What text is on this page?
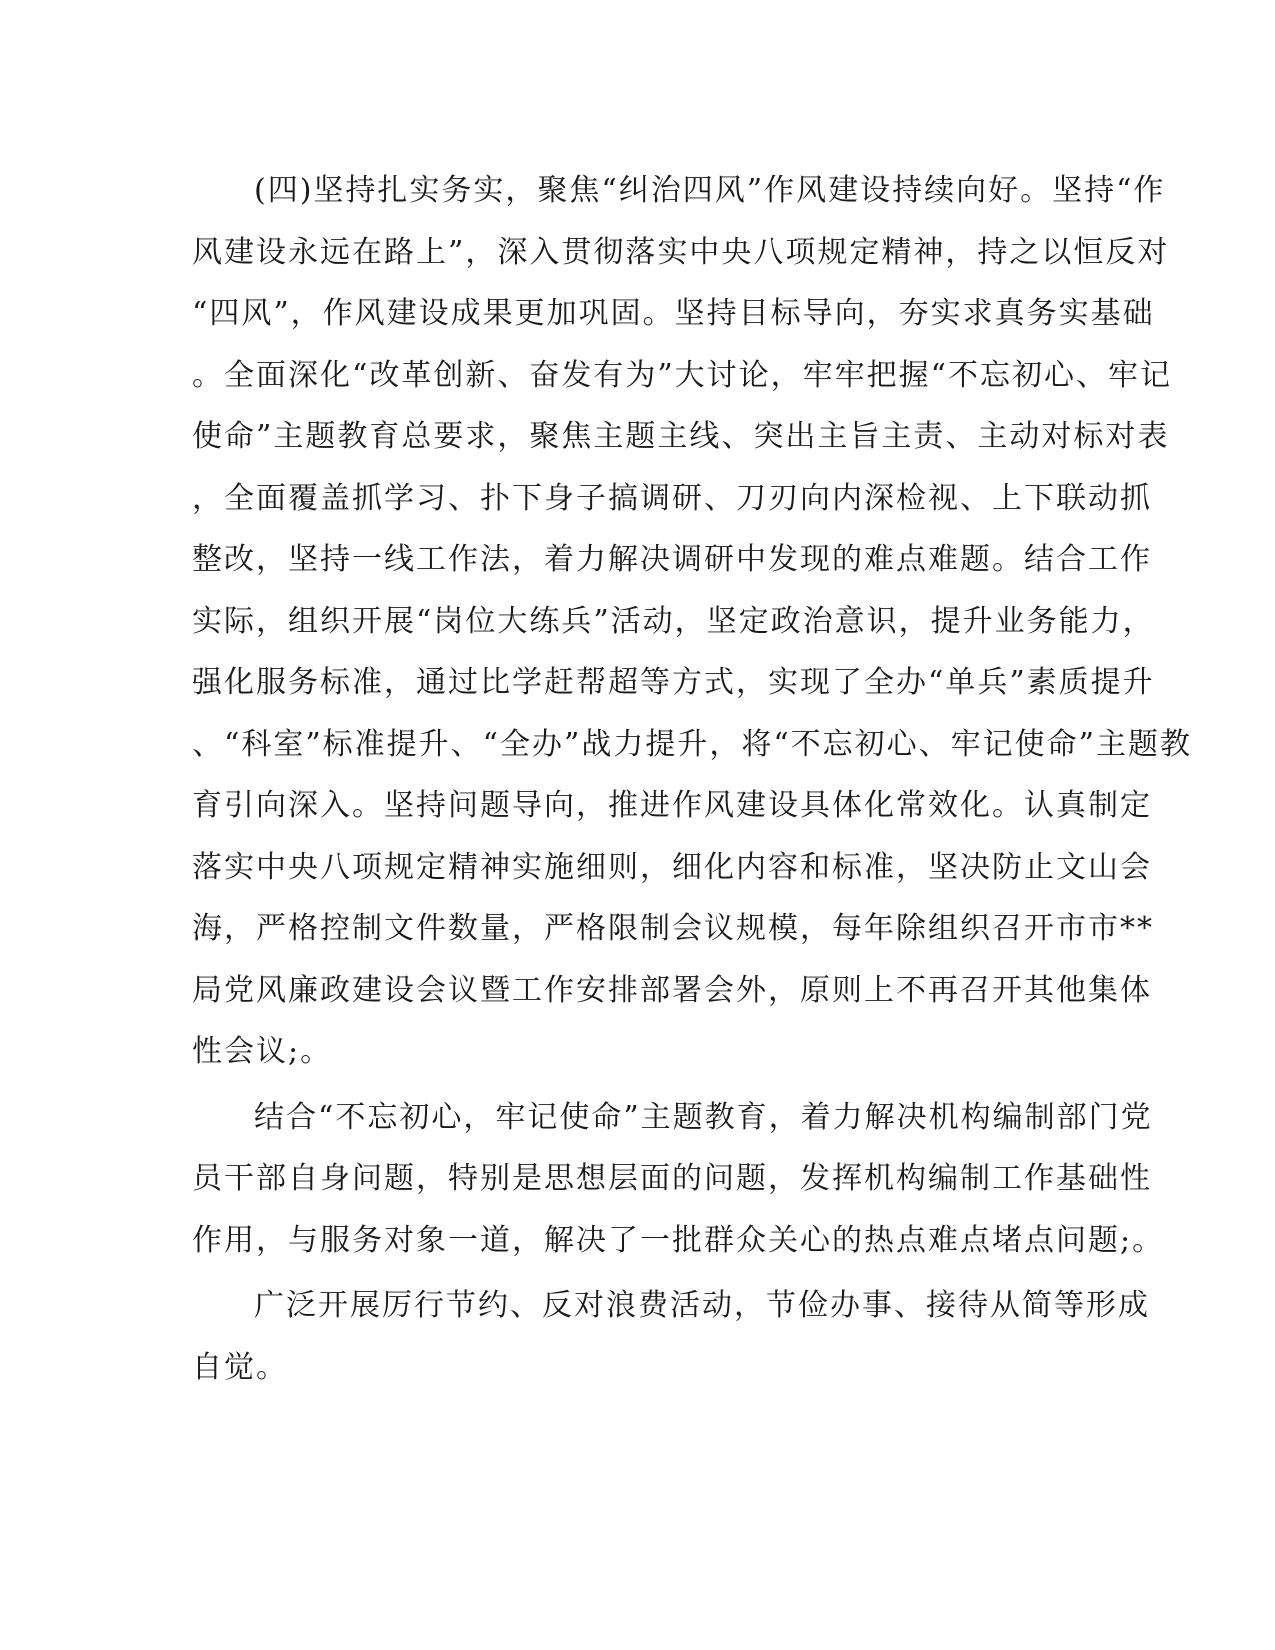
(四)坚持扎实务实，聚焦“纠治四风”作风建设持续向好。坚持“作
风建设永远在路上”，深入贯彻落实中央八项规定精神，持之以恒反对
“四风”，作风建设成果更加巩固。坚持目标导向，夯实求真务实基础
。全面深化“改革创新、奋发有为”大讨论，牢牢把握“不忘初心、牢记
使命”主题教育总要求，聚焦主题主线、突出主旨主责、主动对标对表
，全面覆盖抓学习、扑下身子搞调研、刀刃向内深检视、上下联动抓
整改，坚持一线工作法，着力解决调研中发现的难点难题。结合工作
实际，组织开展“岗位大练兵”活动，坚定政治意识，提升业务能力，
强化服务标准，通过比学赶帮超等方式，实现了全办“单兵”素质提升
、“科室”标准提升、“全办”战力提升，将“不忘初心、牢记使命”主题教
育引向深入。坚持问题导向，推进作风建设具体化常效化。认真制定
落实中央八项规定精神实施细则，细化内容和标准，坚决防止文山会
海，严格控制文件数量，严格限制会议规模，每年除组织召开市市**
局党风廉政建设会议暨工作安排部署会外，原则上不再召开其他集体
性会议;。
结合“不忘初心，牢记使命”主题教育，着力解决机构编制部门党
员干部自身问题，特别是思想层面的问题，发挥机构编制工作基础性
作用，与服务对象一道，解决了一批群众关心的热点难点堵点问题;。
广泛开展厉行节约、反对浪费活动，节俭办事、接待从简等形成
自觉。
